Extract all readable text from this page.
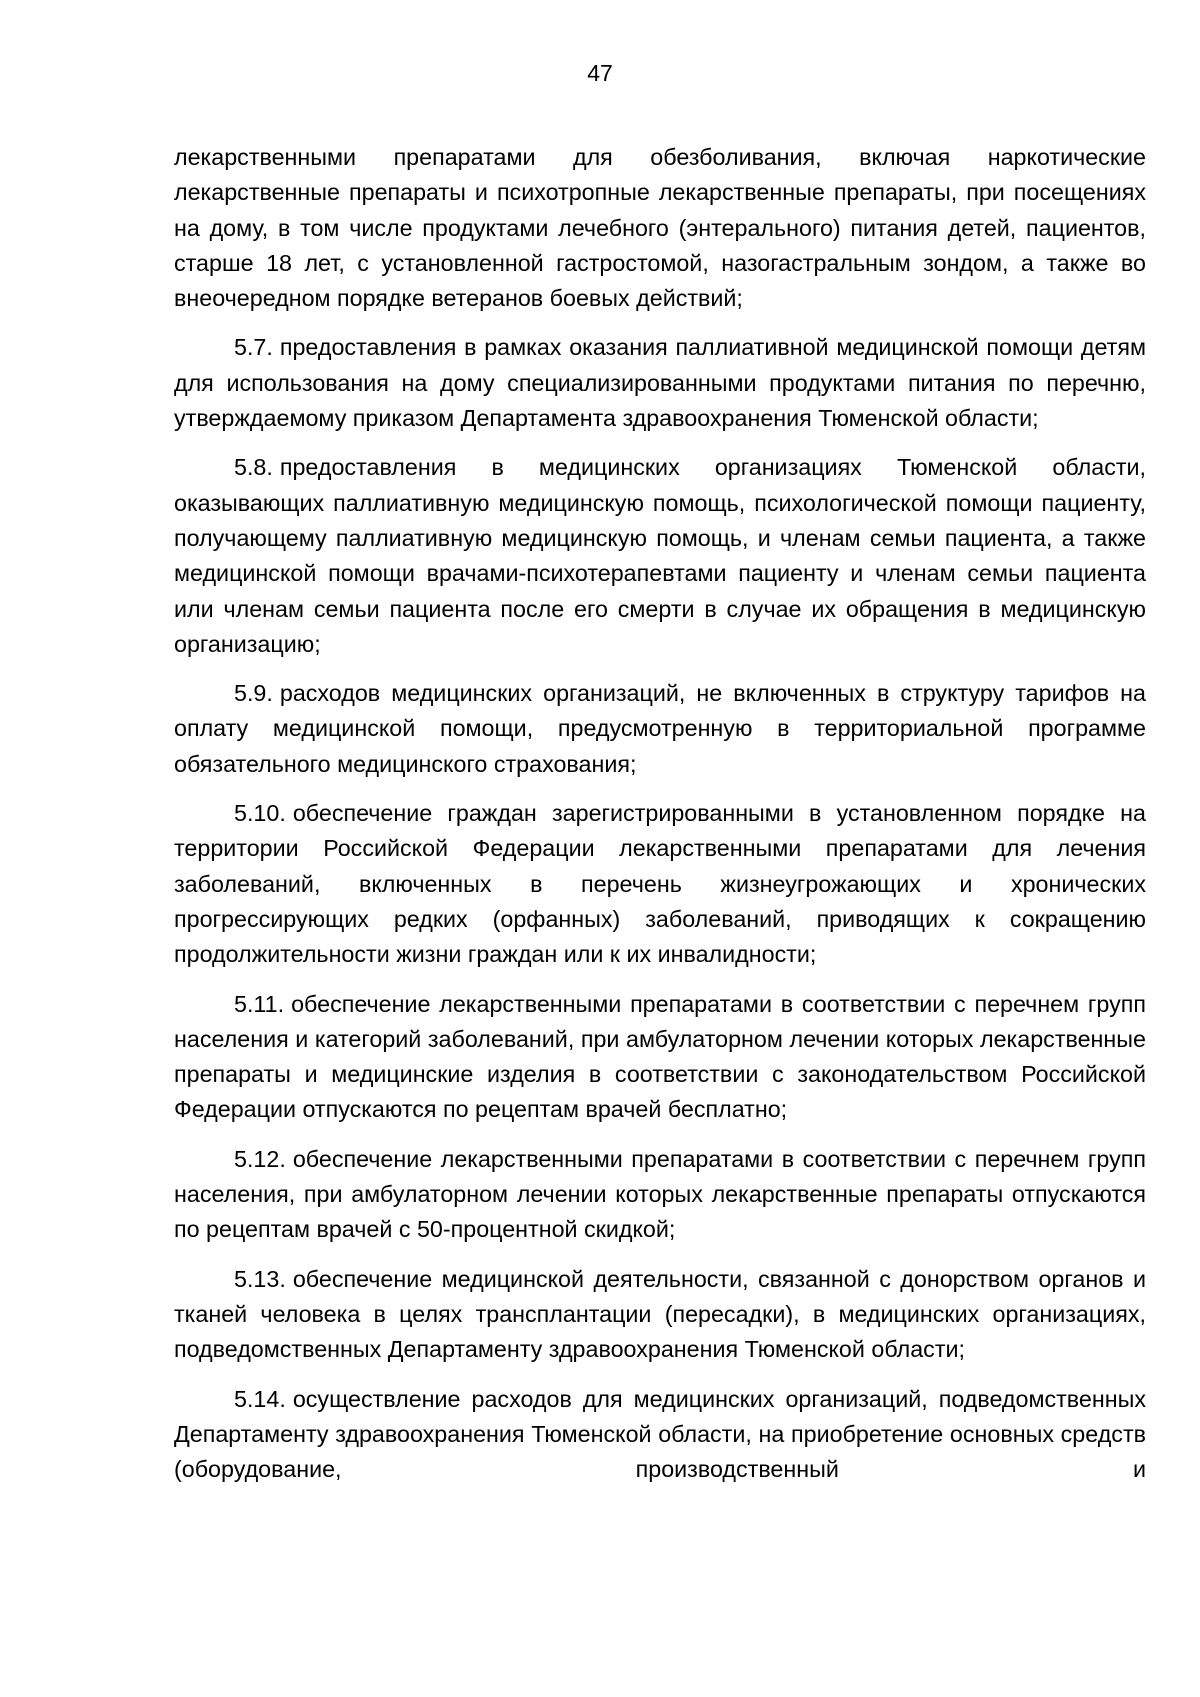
47

лекарственными препаратами для обезболивания, включая наркотические лекарственные препараты и психотропные лекарственные препараты, при посещениях на дому, в том числе продуктами лечебного (энтерального) питания детей, пациентов, старше 18 лет, с установленной гастростомой, назогастральным зондом, а также во внеочередном порядке ветеранов боевых действий;

5.7. предоставления в рамках оказания паллиативной медицинской помощи детям для использования на дому специализированными продуктами питания по перечню, утверждаемому приказом Департамента здравоохранения Тюменской области;

5.8. предоставления в медицинских организациях Тюменской области, оказывающих паллиативную медицинскую помощь, психологической помощи пациенту, получающему паллиативную медицинскую помощь, и членам семьи пациента, а также медицинской помощи врачами-психотерапевтами пациенту и членам семьи пациента или членам семьи пациента после его смерти в случае их обращения в медицинскую организацию;

5.9. расходов медицинских организаций, не включенных в структуру тарифов на оплату медицинской помощи, предусмотренную в территориальной программе обязательного медицинского страхования;

5.10. обеспечение граждан зарегистрированными в установленном порядке на территории Российской Федерации лекарственными препаратами для лечения заболеваний, включенных в перечень жизнеугрожающих и хронических прогрессирующих редких (орфанных) заболеваний, приводящих к сокращению продолжительности жизни граждан или к их инвалидности;

5.11. обеспечение лекарственными препаратами в соответствии с перечнем групп населения и категорий заболеваний, при амбулаторном лечении которых лекарственные препараты и медицинские изделия в соответствии с законодательством Российской Федерации отпускаются по рецептам врачей бесплатно;

5.12. обеспечение лекарственными препаратами в соответствии с перечнем групп населения, при амбулаторном лечении которых лекарственные препараты отпускаются по рецептам врачей с 50-процентной скидкой;

5.13. обеспечение медицинской деятельности, связанной с донорством органов и тканей человека в целях трансплантации (пересадки), в медицинских организациях, подведомственных Департаменту здравоохранения Тюменской области;

5.14. осуществление расходов для медицинских организаций, подведомственных Департаменту здравоохранения Тюменской области, на приобретение основных средств (оборудование, производственный и
